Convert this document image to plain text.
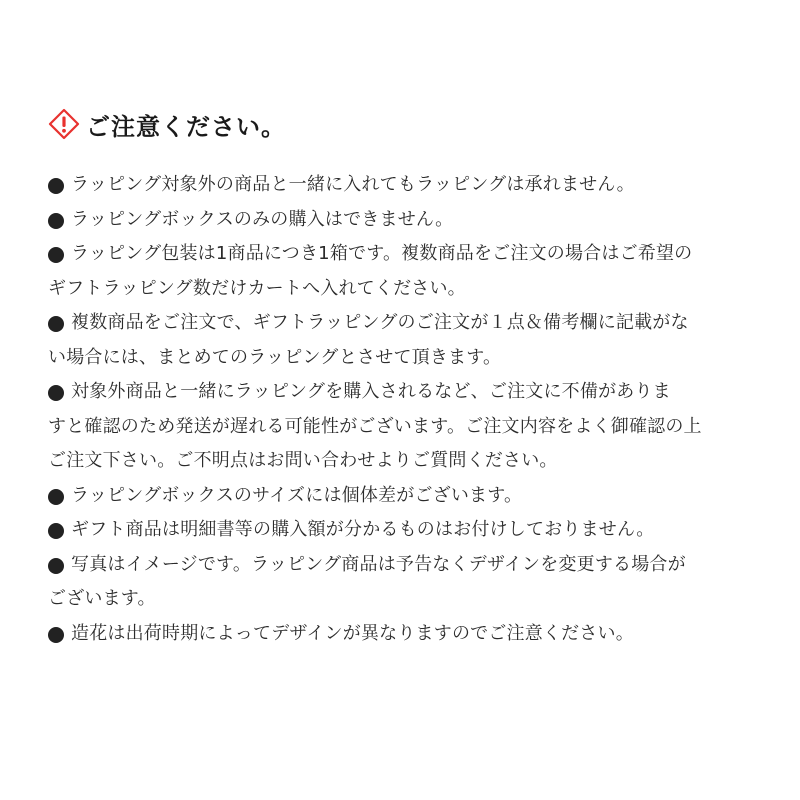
ご注意ください。
ラッピング対象外の商品と一緒に入れてもラッピングは承れません。
ラッピングボックスのみの購入はできません。
ラッピング包装は1商品につき1箱です。複数商品をご注文の場合はご希望の
ギフトラッピング数だけカートへ入れてください。
複数商品をご注文で、ギフトラッピングのご注文が１点＆備考欄に記載がな
い場合には、まとめてのラッピングとさせて頂きます。
対象外商品と一緒にラッピングを購入されるなど、ご注文に不備がありま
すと確認のため発送が遅れる可能性がございます。ご注文内容をよく御確認の上
ご注文下さい。ご不明点はお問い合わせよりご質問ください。
ラッピングボックスのサイズには個体差がございます。
ギフト商品は明細書等の購入額が分かるものはお付けしておりません。
写真はイメージです。ラッピング商品は予告なくデザインを変更する場合が
ございます。
造花は出荷時期によってデザインが異なりますのでご注意ください。
